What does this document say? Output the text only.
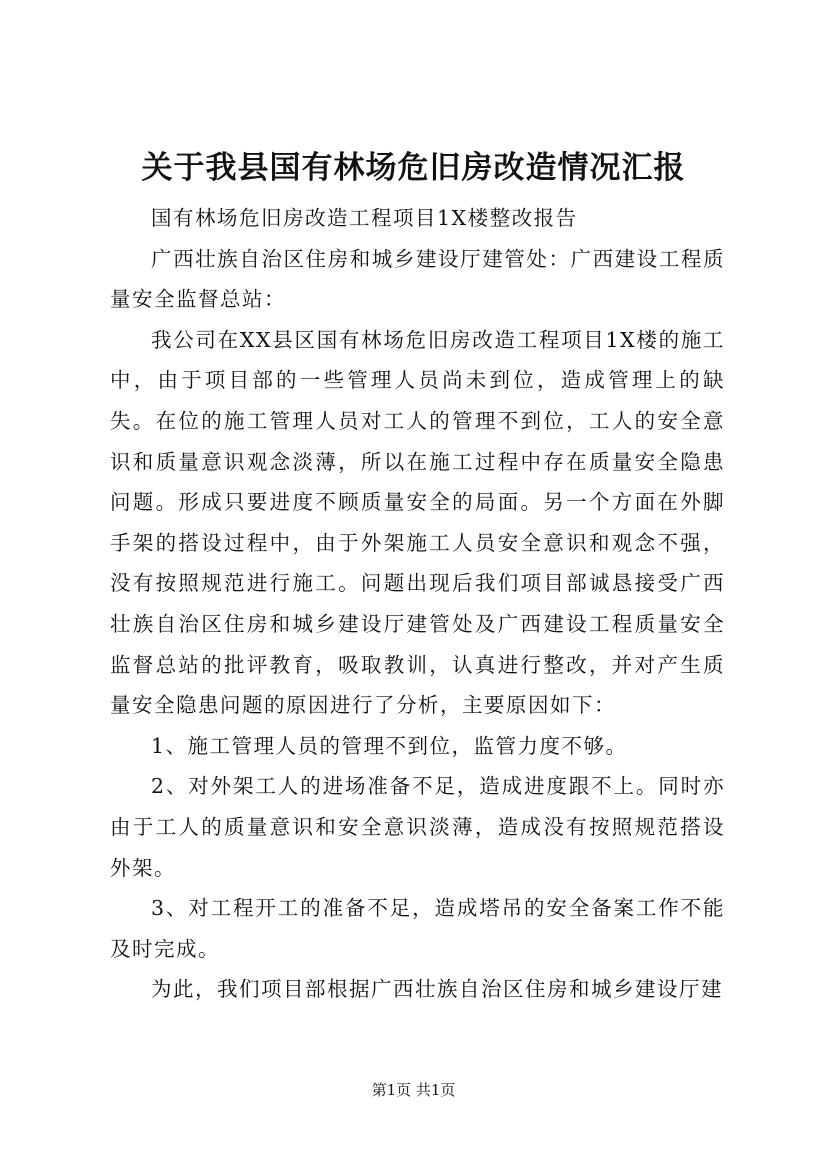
关于我县国有林场危旧房改造情况汇报

国有林场危旧房改造工程项目1X楼整改报告

广西壮族自治区住房和城乡建设厅建管处：广西建设工程质量安全监督总站：

我公司在XX县区国有林场危旧房改造工程项目1X楼的施工中，由于项目部的一些管理人员尚未到位，造成管理上的缺失。在位的施工管理人员对工人的管理不到位，工人的安全意识和质量意识观念淡薄，所以在施工过程中存在质量安全隐患问题。形成只要进度不顾质量安全的局面。另一个方面在外脚手架的搭设过程中，由于外架施工人员安全意识和观念不强，没有按照规范进行施工。问题出现后我们项目部诚恳接受广西壮族自治区住房和城乡建设厅建管处及广西建设工程质量安全监督总站的批评教育，吸取教训，认真进行整改，并对产生质量安全隐患问题的原因进行了分析，主要原因如下：

1、施工管理人员的管理不到位，监管力度不够。

2、对外架工人的进场准备不足，造成进度跟不上。同时亦由于工人的质量意识和安全意识淡薄，造成没有按照规范搭设外架。

3、对工程开工的准备不足，造成塔吊的安全备案工作不能及时完成。

为此，我们项目部根据广西壮族自治区住房和城乡建设厅建

第1页 共1页
